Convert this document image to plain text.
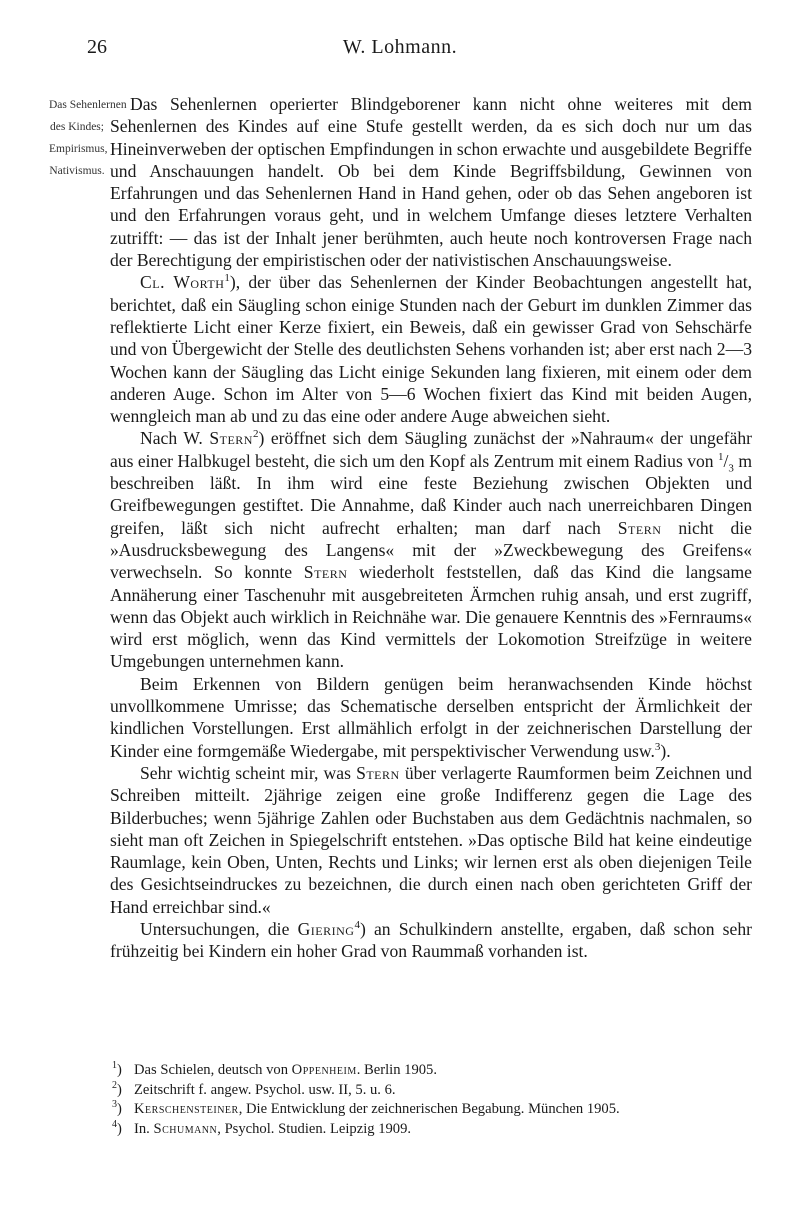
26	W. Lohmann.
Das Sehenlernen
des Kindes;
Empirismus,
Nativismus.

Das Sehenlernen operierter Blindgeborener kann nicht ohne weiteres mit dem Sehenlernen des Kindes auf eine Stufe gestellt werden, da es sich doch nur um das Hineinverweben der optischen Empfindungen in schon erwachte und ausgebildete Begriffe und Anschauungen handelt. Ob bei dem Kinde Begriffsbildung, Gewinnen von Erfahrungen und das Sehenlernen Hand in Hand gehen, oder ob das Sehen angeboren ist und den Erfahrungen voraus geht, und in welchem Umfange dieses letztere Verhalten zutrifft: — das ist der Inhalt jener berühmten, auch heute noch kontroversen Frage nach der Berechtigung der empiristischen oder der nativistischen Anschauungsweise.

Cl. Worth$^1$), der über das Sehenlernen der Kinder Beobachtungen angestellt hat, berichtet, daß ein Säugling schon einige Stunden nach der Geburt im dunklen Zimmer das reflektierte Licht einer Kerze fixiert, ein Beweis, daß ein gewisser Grad von Sehschärfe und von Übergewicht der Stelle des deutlichsten Sehens vorhanden ist; aber erst nach 2—3 Wochen kann der Säugling das Licht einige Sekunden lang fixieren, mit einem oder dem anderen Auge. Schon im Alter von 5—6 Wochen fixiert das Kind mit beiden Augen, wenngleich man ab und zu das eine oder andere Auge abweichen sieht.

Nach W. Stern$^2$) eröffnet sich dem Säugling zunächst der »Nahraum« der ungefähr aus einer Halbkugel besteht, die sich um den Kopf als Zentrum mit einem Radius von $^1/_3$ m beschreiben läßt. In ihm wird eine feste Beziehung zwischen Objekten und Greifbewegungen gestiftet. Die Annahme, daß Kinder auch nach unerreichbaren Dingen greifen, läßt sich nicht aufrecht erhalten; man darf nach Stern nicht die »Ausdrucksbewegung des Langens« mit der »Zweckbewegung des Greifens« verwechseln. So konnte Stern wiederholt feststellen, daß das Kind die langsame Annäherung einer Taschenuhr mit ausgebreiteten Ärmchen ruhig ansah, und erst zugriff, wenn das Objekt auch wirklich in Reichnähe war. Die genauere Kenntnis des »Fernraums« wird erst möglich, wenn das Kind vermittels der Lokomotion Streifzüge in weitere Umgebungen unternehmen kann.

Beim Erkennen von Bildern genügen beim heranwachsenden Kinde höchst unvollkommene Umrisse; das Schematische derselben entspricht der Ärmlichkeit der kindlichen Vorstellungen. Erst allmählich erfolgt in der zeichnerischen Darstellung der Kinder eine formgemäße Wiedergabe, mit perspektivischer Verwendung usw.$^3$).

Sehr wichtig scheint mir, was Stern über verlagerte Raumformen beim Zeichnen und Schreiben mitteilt. 2jährige zeigen eine große Indifferenz gegen die Lage des Bilderbuches; wenn 5jährige Zahlen oder Buchstaben aus dem Gedächtnis nachmalen, so sieht man oft Zeichen in Spiegelschrift entstehen. »Das optische Bild hat keine eindeutige Raumlage, kein Oben, Unten, Rechts und Links; wir lernen erst als oben diejenigen Teile des Gesichtseindruckes zu bezeichnen, die durch einen nach oben gerichteten Griff der Hand erreichbar sind.«

Untersuchungen, die Giering$^4$) an Schulkindern anstellte, ergaben, daß schon sehr frühzeitig bei Kindern ein hoher Grad von Raummaß vorhanden ist.

$^1$) Das Schielen, deutsch von Oppenheim. Berlin 1905.
$^2$) Zeitschrift f. angew. Psychol. usw. II, 5. u. 6.
$^3$) Kerschensteiner, Die Entwicklung der zeichnerischen Begabung. München 1905.
$^4$) In. Schumann, Psychol. Studien. Leipzig 1909.
